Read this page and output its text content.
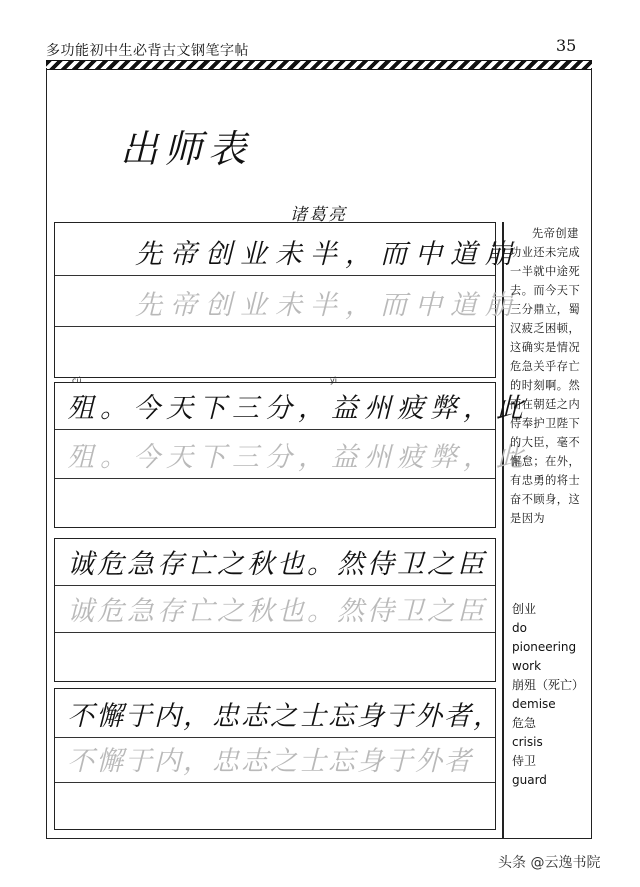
多功能初中生必背古文钢笔字帖	35
出师表
诸葛亮
先帝创业未半，而中道崩
先帝创业未半，而中道崩
cú	yì
殂。今天下三分，益州疲弊，此
殂。今天下三分，益州疲弊，此
诚危急存亡之秋也。然侍卫之臣
诚危急存亡之秋也。然侍卫之臣
不懈于内，忠志之士忘身于外者，
不懈于内，忠志之士忘身于外者
先帝创建功业还未完成一半就中途死去。而今天下三分鼎立，蜀汉疲乏困顿，这确实是情况危急关乎存亡的时刻啊。然而在朝廷之内侍奉护卫陛下的大臣，毫不懈怠；在外，有忠勇的将士奋不顾身，这是因为
创业
do pioneering work
崩殂（死亡）
demise
危急
crisis
侍卫
guard
头条 @云逸书院
